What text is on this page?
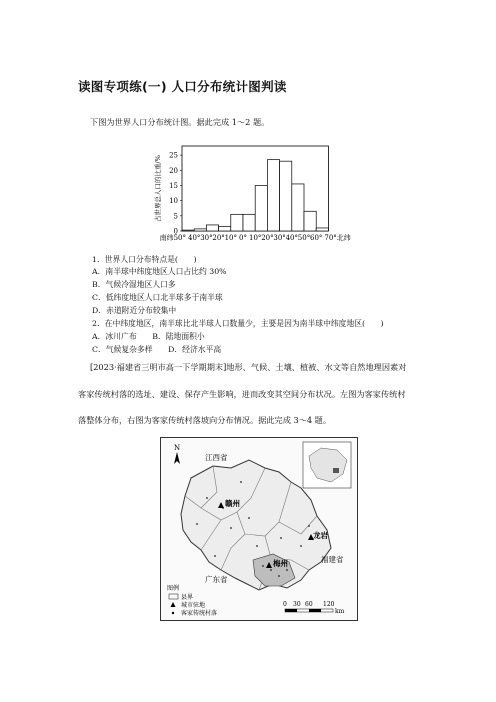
读图专项练(一) 人口分布统计图判读
下图为世界人口分布统计图。据此完成 1～2 题。
占世界总人口的比重/%
0
5
10
15
20
25
南纬50° 40° 30° 20° 10° 0° 10° 20° 30° 40° 50° 60° 70°北纬
1．世界人口分布特点是(　　)
A．南半球中纬度地区人口占比约 30%
B．气候冷湿地区人口多
C．低纬度地区人口北半球多于南半球
D．赤道附近分布较集中
2．在中纬度地区，南半球比北半球人口数量少，主要是因为南半球中纬度地区(　　)
A．冰川广布　　B．陆地面积小
C．气候复杂多样　　D．经济水平高
[2023·福建省三明市高一下学期期末]地形、气候、土壤、植被、水文等自然地理因素对
客家传统村落的选址、建设、保存产生影响，进而改变其空间分布状况。左图为客家传统村
落整体分布，右图为客家传统村落坡向分布情况。据此完成 3～4 题。
N
江西省
赣州
龙岩
福建省
梅州
广东省
图例
县界
城市驻地
客家传统村落
0 30 60 120
km
